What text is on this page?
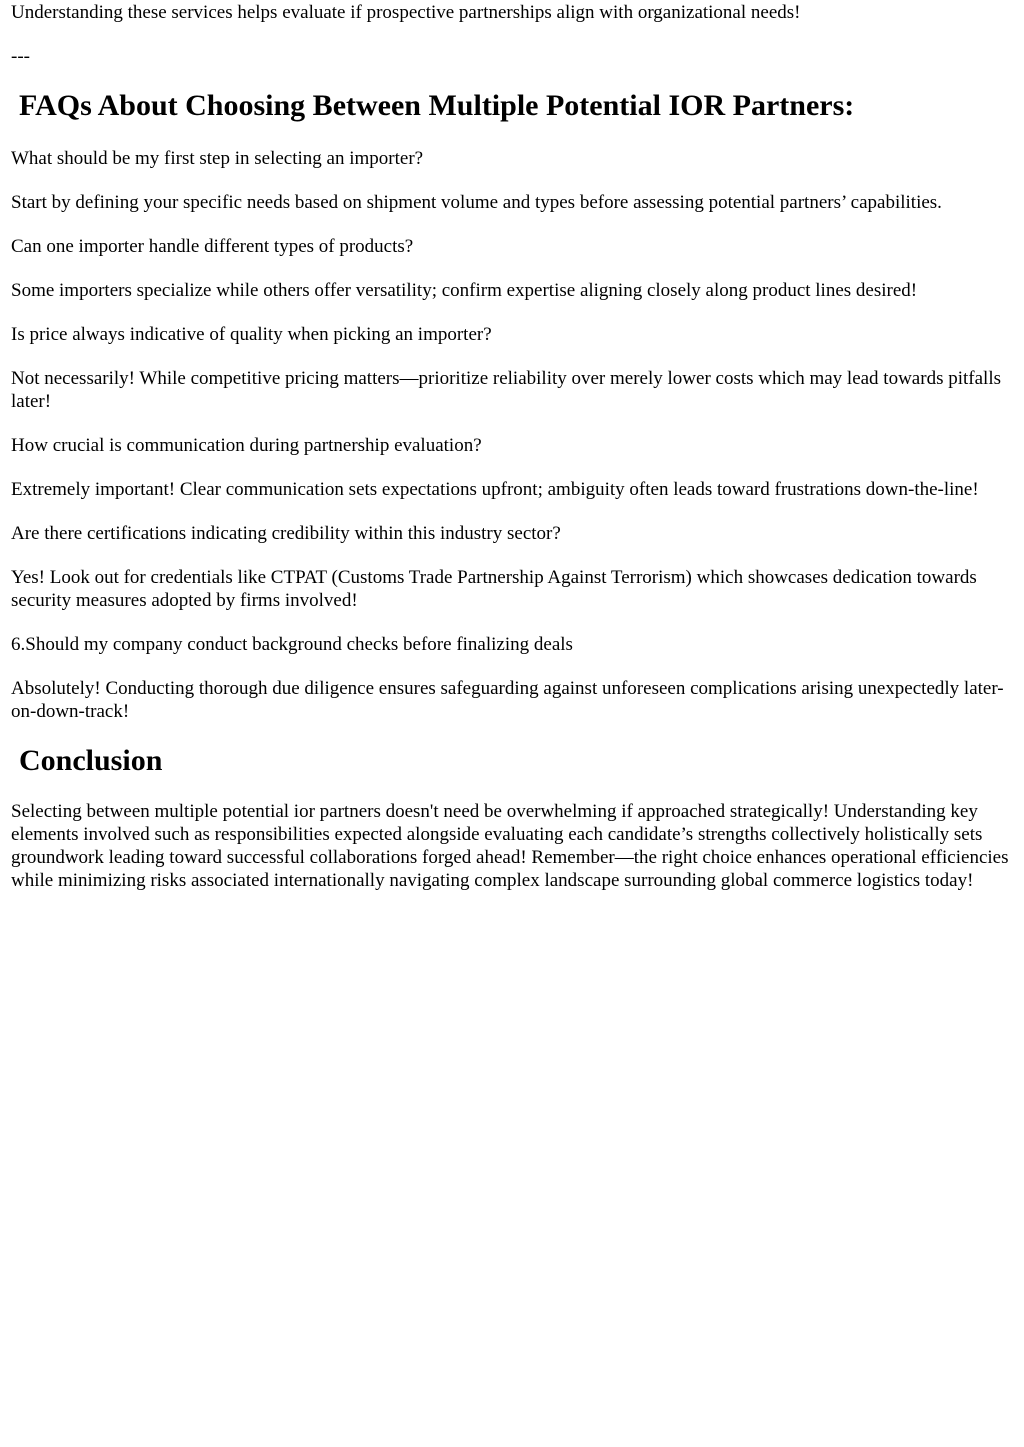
Understanding these services helps evaluate if prospective partnerships align with organizational needs!

---

FAQs About Choosing Between Multiple Potential IOR Partners:

What should be my first step in selecting an importer?

Start by defining your specific needs based on shipment volume and types before assessing potential partners’ capabilities.

Can one importer handle different types of products?

Some importers specialize while others offer versatility; confirm expertise aligning closely along product lines desired!

Is price always indicative of quality when picking an importer?

Not necessarily! While competitive pricing matters—prioritize reliability over merely lower costs which may lead towards pitfalls later!

How crucial is communication during partnership evaluation?

Extremely important! Clear communication sets expectations upfront; ambiguity often leads toward frustrations down-the-line!

Are there certifications indicating credibility within this industry sector?

Yes! Look out for credentials like CTPAT (Customs Trade Partnership Against Terrorism) which showcases dedication towards security measures adopted by firms involved!

6.Should my company conduct background checks before finalizing deals

Absolutely! Conducting thorough due diligence ensures safeguarding against unforeseen complications arising unexpectedly later-on-down-track!

Conclusion

Selecting between multiple potential ior partners doesn't need be overwhelming if approached strategically! Understanding key elements involved such as responsibilities expected alongside evaluating each candidate’s strengths collectively holistically sets groundwork leading toward successful collaborations forged ahead! Remember—the right choice enhances operational efficiencies while minimizing risks associated internationally navigating complex landscape surrounding global commerce logistics today!
